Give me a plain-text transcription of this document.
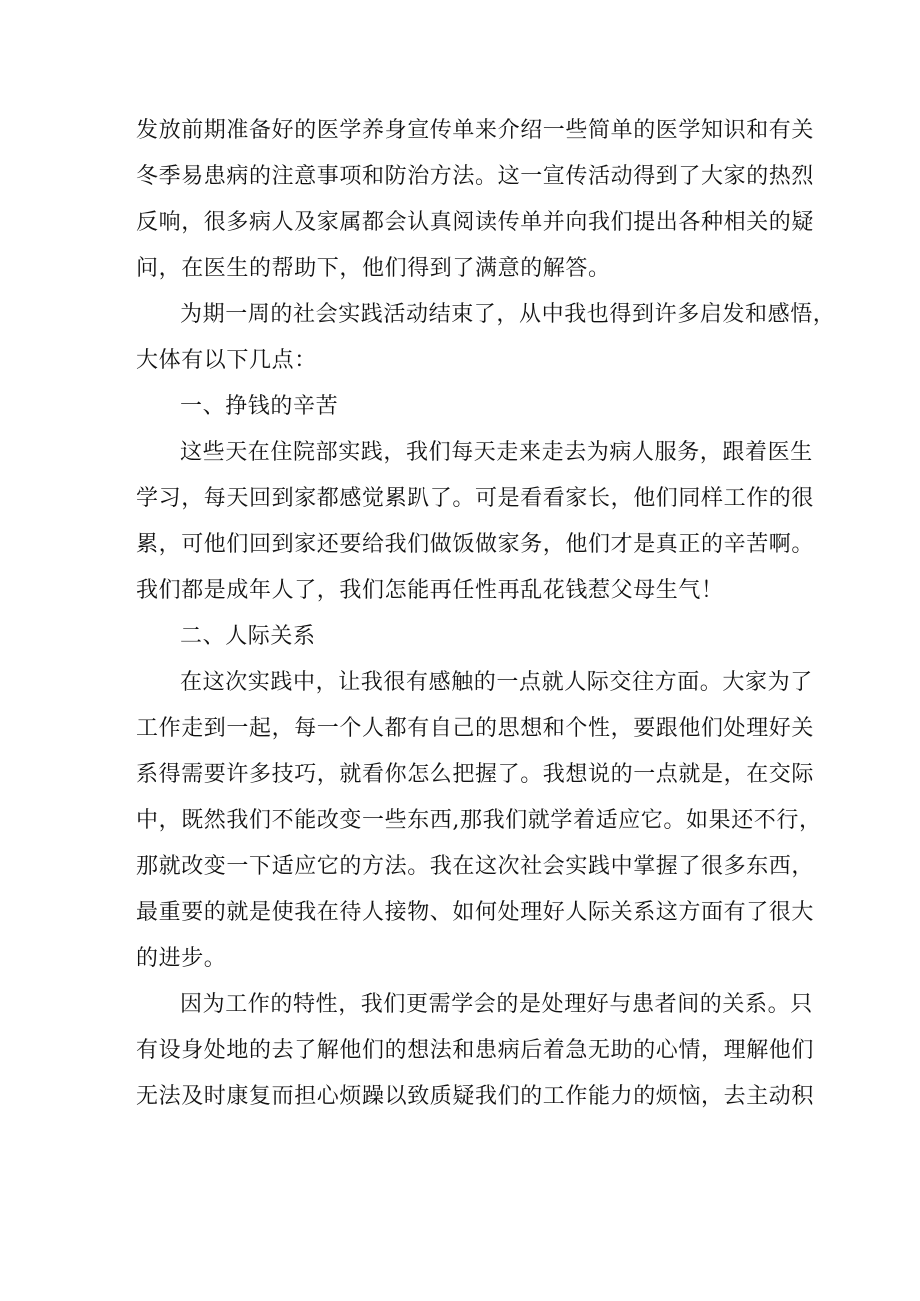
发放前期准备好的医学养身宣传单来介绍一些简单的医学知识和有关
冬季易患病的注意事项和防治方法。这一宣传活动得到了大家的热烈
反响，很多病人及家属都会认真阅读传单并向我们提出各种相关的疑
问，在医生的帮助下，他们得到了满意的解答。
为期一周的社会实践活动结束了，从中我也得到许多启发和感悟，
大体有以下几点：
一、挣钱的辛苦
这些天在住院部实践，我们每天走来走去为病人服务，跟着医生
学习，每天回到家都感觉累趴了。可是看看家长，他们同样工作的很
累，可他们回到家还要给我们做饭做家务，他们才是真正的辛苦啊。
我们都是成年人了，我们怎能再任性再乱花钱惹父母生气！
二、人际关系
在这次实践中，让我很有感触的一点就人际交往方面。大家为了
工作走到一起，每一个人都有自己的思想和个性，要跟他们处理好关
系得需要许多技巧，就看你怎么把握了。我想说的一点就是，在交际
中，既然我们不能改变一些东西,那我们就学着适应它。如果还不行，
那就改变一下适应它的方法。我在这次社会实践中掌握了很多东西，
最重要的就是使我在待人接物、如何处理好人际关系这方面有了很大
的进步。
因为工作的特性，我们更需学会的是处理好与患者间的关系。只
有设身处地的去了解他们的想法和患病后着急无助的心情，理解他们
无法及时康复而担心烦躁以致质疑我们的工作能力的烦恼，去主动积
